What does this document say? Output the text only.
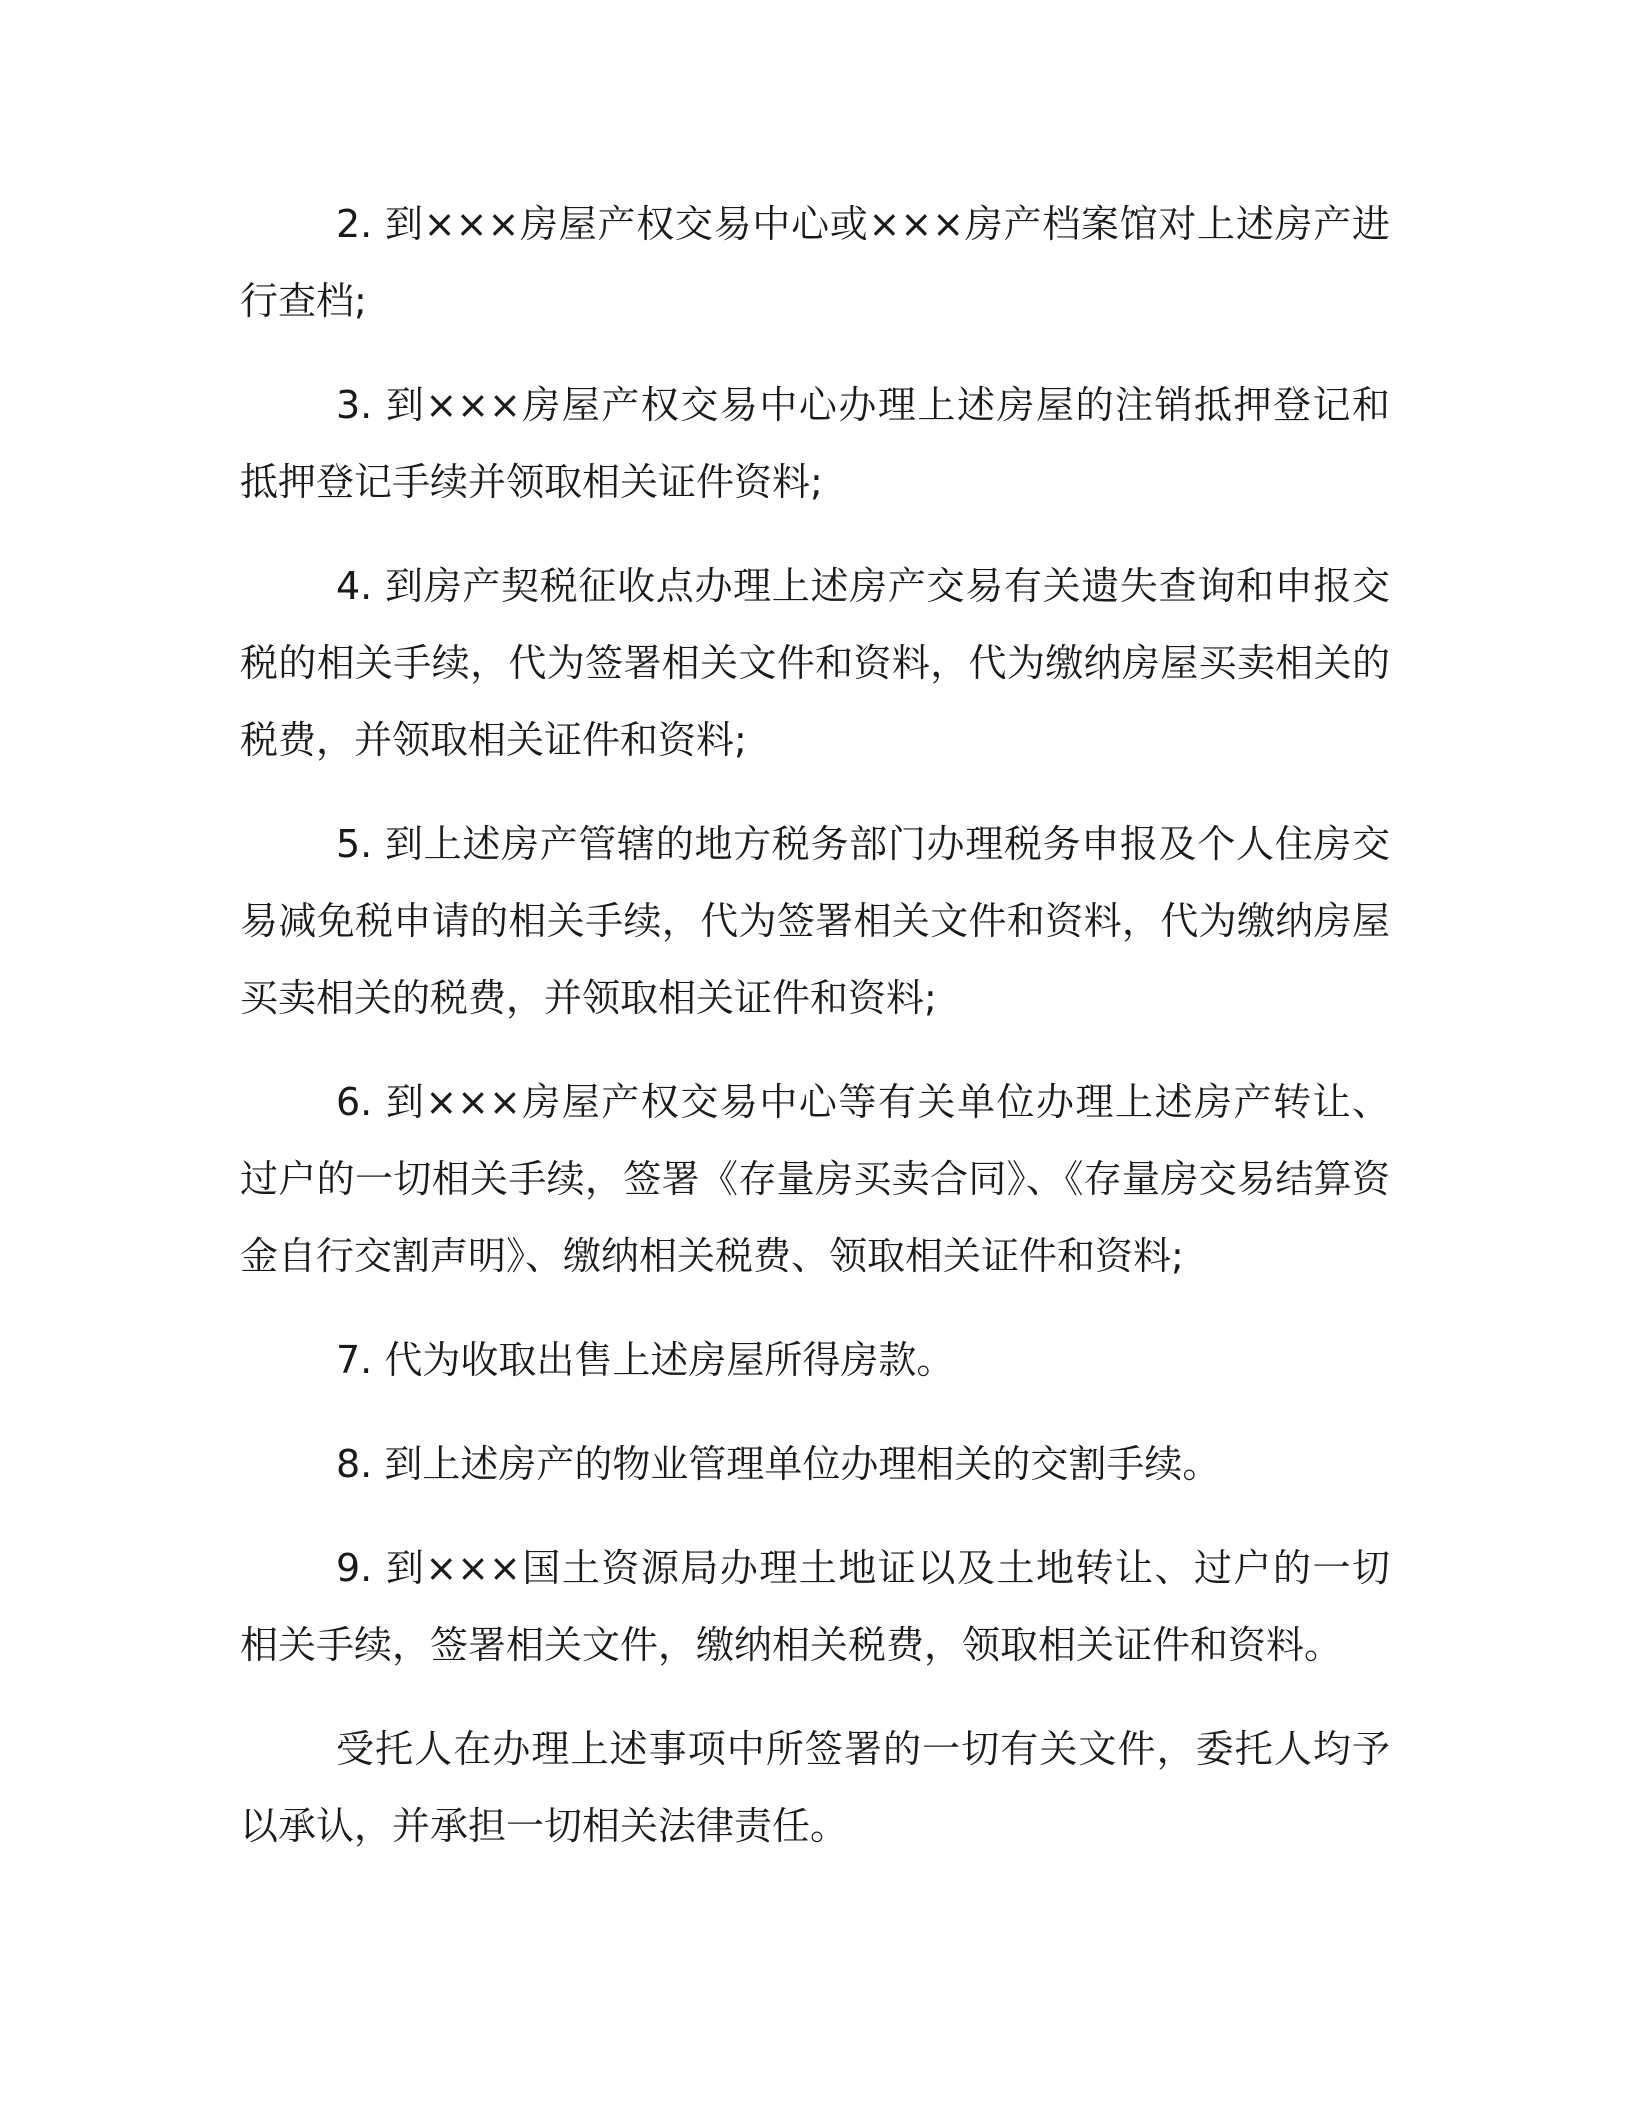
2. 到×××房屋产权交易中心或×××房产档案馆对上述房产进行查档;

3. 到×××房屋产权交易中心办理上述房屋的注销抵押登记和抵押登记手续并领取相关证件资料;

4. 到房产契税征收点办理上述房产交易有关遗失查询和申报交税的相关手续，代为签署相关文件和资料，代为缴纳房屋买卖相关的税费，并领取相关证件和资料;

5. 到上述房产管辖的地方税务部门办理税务申报及个人住房交易减免税申请的相关手续，代为签署相关文件和资料，代为缴纳房屋买卖相关的税费，并领取相关证件和资料;

6. 到×××房屋产权交易中心等有关单位办理上述房产转让、过户的一切相关手续，签署《存量房买卖合同》、《存量房交易结算资金自行交割声明》、缴纳相关税费、领取相关证件和资料;

7. 代为收取出售上述房屋所得房款。

8. 到上述房产的物业管理单位办理相关的交割手续。

9. 到×××国土资源局办理土地证以及土地转让、过户的一切相关手续，签署相关文件，缴纳相关税费，领取相关证件和资料。

受托人在办理上述事项中所签署的一切有关文件，委托人均予以承认，并承担一切相关法律责任。
